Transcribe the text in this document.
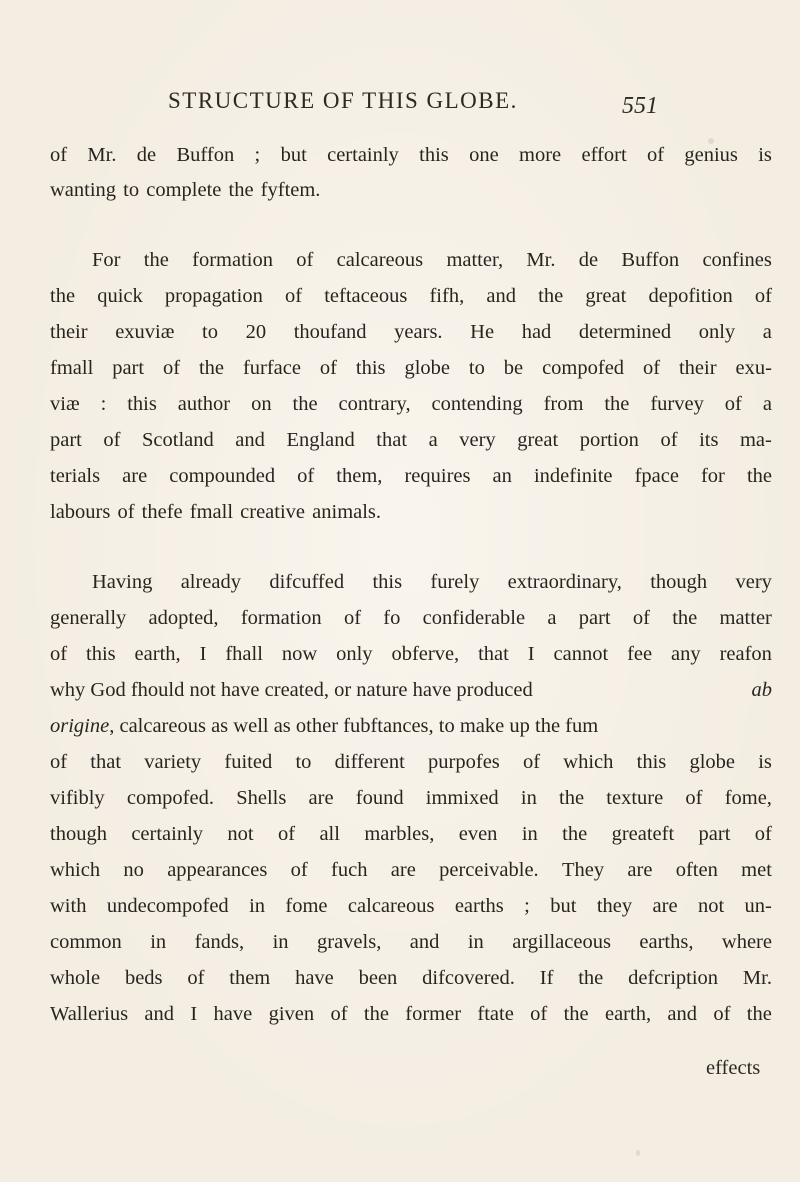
STRUCTURE OF THIS GLOBE.	551
of Mr. de Buffon ; but certainly this one more effort of genius is
wanting to complete the fyftem.
For the formation of calcareous matter, Mr. de Buffon confines
the quick propagation of teftaceous fifh, and the great depofition of
their exuviæ to 20 thoufand years. He had determined only a
fmall part of the furface of this globe to be compofed of their exu-
viæ : this author on the contrary, contending from the furvey of a
part of Scotland and England that a very great portion of its ma-
terials are compounded of them, requires an indefinite fpace for the
labours of thefe fmall creative animals.
Having already difcuffed this furely extraordinary, though very
generally adopted, formation of fo confiderable a part of the matter
of this earth, I fhall now only obferve, that I cannot fee any reafon
why God fhould not have created, or nature have produced	ab
origine, calcareous as well as other fubftances, to make up the fum
of that variety fuited to different purpofes of which this globe is
vifibly compofed. Shells are found immixed in the texture of fome,
though certainly not of all marbles, even in the greateft part of
which no appearances of fuch are perceivable. They are often met
with undecompofed in fome calcareous earths ; but they are not un-
common in fands, in gravels, and in argillaceous earths, where
whole beds of them have been difcovered. If the defcription Mr.
Wallerius and I have given of the former ftate of the earth, and of the
effects
